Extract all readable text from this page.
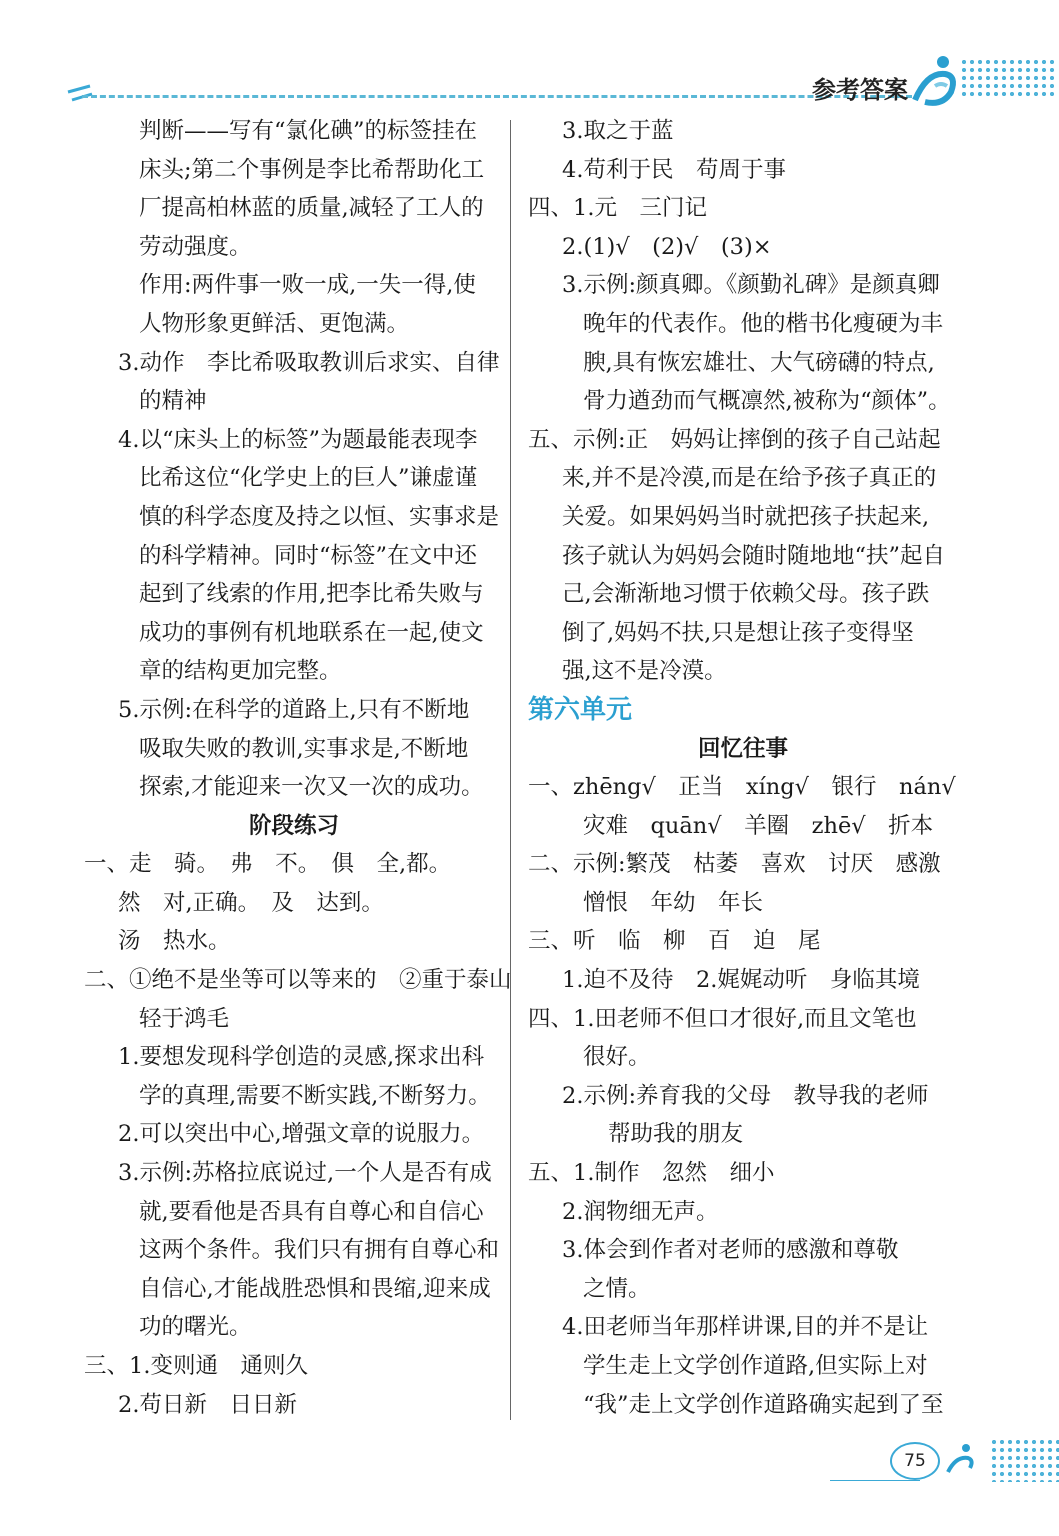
参考答案
判断——写有“氯化碘”的标签挂在
床头;第二个事例是李比希帮助化工
厂提高柏林蓝的质量,减轻了工人的
劳动强度。
作用:两件事一败一成,一失一得,使
人物形象更鲜活、更饱满。
3.动作　李比希吸取教训后求实、自律
的精神
4.以“床头上的标签”为题最能表现李
比希这位“化学史上的巨人”谦虚谨
慎的科学态度及持之以恒、实事求是
的科学精神。同时“标签”在文中还
起到了线索的作用,把李比希失败与
成功的事例有机地联系在一起,使文
章的结构更加完整。
5.示例:在科学的道路上,只有不断地
吸取失败的教训,实事求是,不断地
探索,才能迎来一次又一次的成功。
阶段练习
一、走　骑。　弗　不。　俱　全,都。
然　对,正确。　及　达到。
汤　热水。
二、①绝不是坐等可以等来的　②重于泰山
轻于鸿毛
1.要想发现科学创造的灵感,探求出科
学的真理,需要不断实践,不断努力。
2.可以突出中心,增强文章的说服力。
3.示例:苏格拉底说过,一个人是否有成
就,要看他是否具有自尊心和自信心
这两个条件。我们只有拥有自尊心和
自信心,才能战胜恐惧和畏缩,迎来成
功的曙光。
三、1.变则通　通则久
2.苟日新　日日新
3.取之于蓝
4.苟利于民　苟周于事
四、1.元　三门记
2.(1)√　(2)√　(3)×
3.示例:颜真卿。《颜勤礼碑》是颜真卿
晚年的代表作。他的楷书化瘦硬为丰
腴,具有恢宏雄壮、大气磅礴的特点,
骨力遒劲而气概凛然,被称为“颜体”。
五、示例:正　妈妈让摔倒的孩子自己站起
来,并不是冷漠,而是在给予孩子真正的
关爱。如果妈妈当时就把孩子扶起来,
孩子就认为妈妈会随时随地地“扶”起自
己,会渐渐地习惯于依赖父母。孩子跌
倒了,妈妈不扶,只是想让孩子变得坚
强,这不是冷漠。
第六单元
回忆往事
一、zhēng√　正当　xíng√　银行　nán√
灾难　quān√　羊圈　zhē√　折本
二、示例:繁茂　枯萎　喜欢　讨厌　感激
憎恨　年幼　年长
三、听　临　柳　百　迫　尾
1.迫不及待　2.娓娓动听　身临其境
四、1.田老师不但口才很好,而且文笔也
很好。
2.示例:养育我的父母　教导我的老师
帮助我的朋友
五、1.制作　忽然　细小
2.润物细无声。
3.体会到作者对老师的感激和尊敬
之情。
4.田老师当年那样讲课,目的并不是让
学生走上文学创作道路,但实际上对
“我”走上文学创作道路确实起到了至
75
